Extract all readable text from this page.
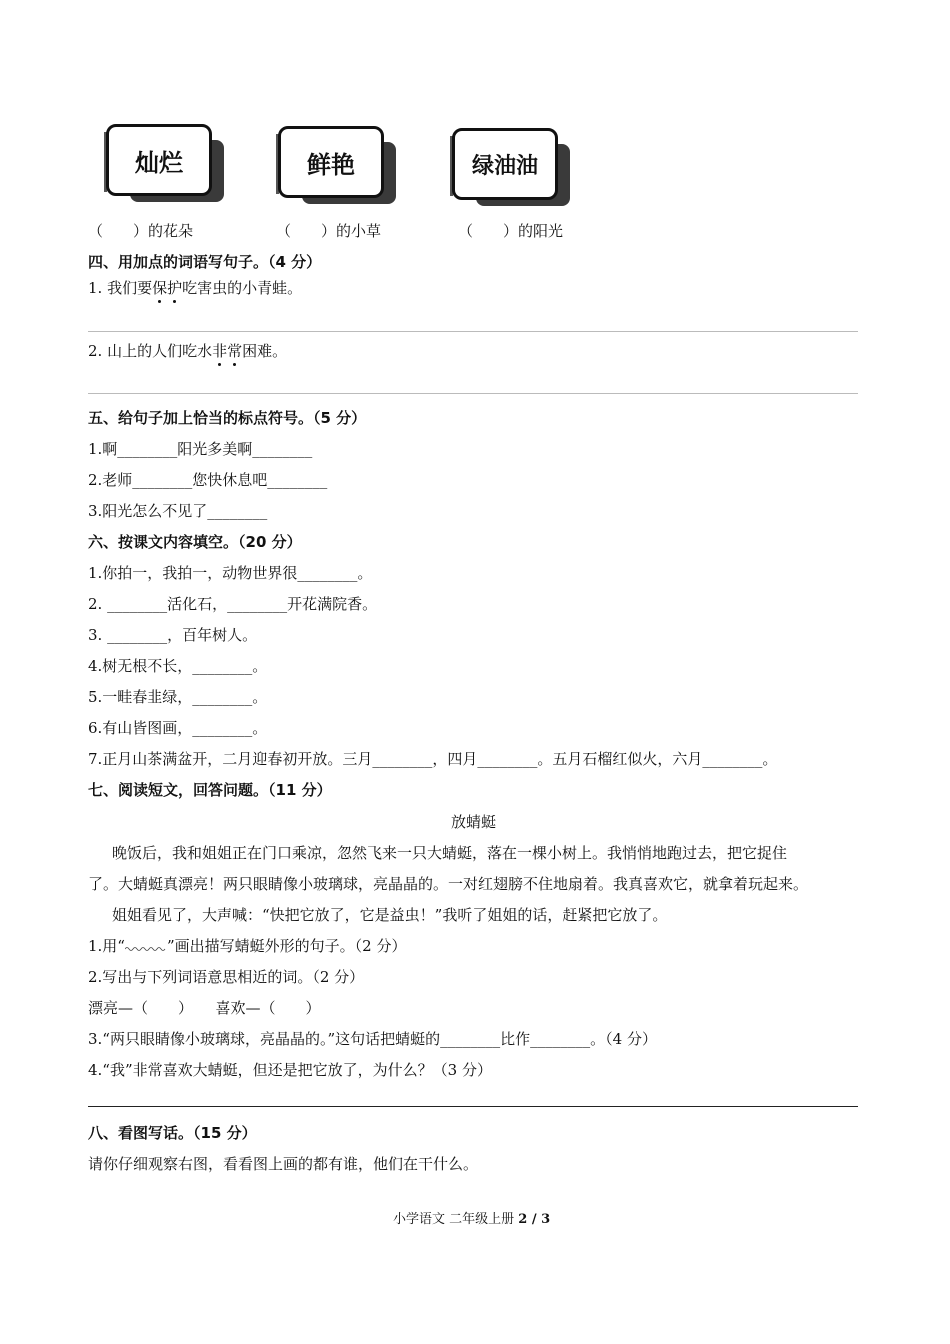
灿烂	鲜艳	绿油油
（　　）的花朵	（　　）的小草	（　　）的阳光
四、用加点的词语写句子。（4 分）
1. 我们要保护吃害虫的小青蛙。
2. 山上的人们吃水非常困难。
五、给句子加上恰当的标点符号。（5 分）
1.啊________阳光多美啊________
2.老师________您快休息吧________
3.阳光怎么不见了________
六、按课文内容填空。（20 分）
1.你拍一，我拍一，动物世界很________。
2. ________活化石，________开花满院香。
3. ________，百年树人。
4.树无根不长，________。
5.一畦春韭绿，________。
6.有山皆图画，________。
7.正月山茶满盆开，二月迎春初开放。三月________，四月________。五月石榴红似火，六月________。
七、阅读短文，回答问题。（11 分）
放蜻蜓
晚饭后，我和姐姐正在门口乘凉，忽然飞来一只大蜻蜓，落在一棵小树上。我悄悄地跑过去，把它捉住
了。大蜻蜓真漂亮！两只眼睛像小玻璃球，亮晶晶的。一对红翅膀不住地扇着。我真喜欢它，就拿着玩起来。
姐姐看见了，大声喊：“快把它放了，它是益虫！”我听了姐姐的话，赶紧把它放了。
1.用“	”画出描写蜻蜓外形的句子。（2 分）
2.写出与下列词语意思相近的词。（2 分）
漂亮—（　　）　　喜欢—（　　）
3.“两只眼睛像小玻璃球，亮晶晶的。”这句话把蜻蜓的________比作________。（4 分）
4.“我”非常喜欢大蜻蜓，但还是把它放了，为什么？（3 分）
八、看图写话。（15 分）
请你仔细观察右图，看看图上画的都有谁，他们在干什么。
小学语文 二年级上册 2 / 3
